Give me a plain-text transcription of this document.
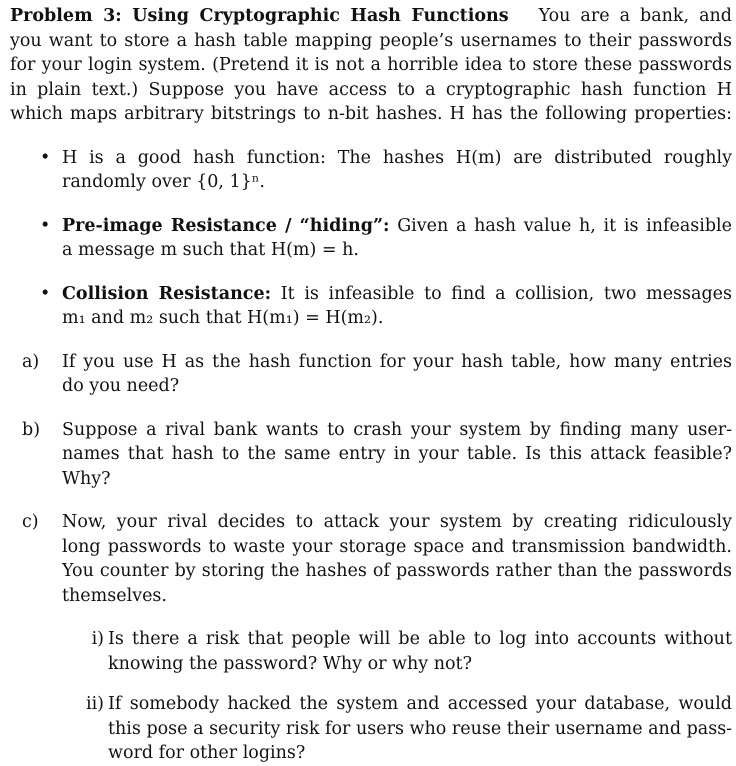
Problem 3: Using Cryptographic Hash Functions You are a bank, and
you want to store a hash table mapping people’s usernames to their passwords
for your login system. (Pretend it is not a horrible idea to store these passwords
in plain text.) Suppose you have access to a cryptographic hash function H
which maps arbitrary bitstrings to n-bit hashes. H has the following properties:
• H is a good hash function: The hashes H(m) are distributed roughly
randomly over {0, 1}ⁿ.
• Pre-image Resistance / “hiding”: Given a hash value h, it is infeasible
a message m such that H(m) = h.
• Collision Resistance: It is infeasible to find a collision, two messages
m₁ and m₂ such that H(m₁) = H(m₂).
a) If you use H as the hash function for your hash table, how many entries
do you need?
b) Suppose a rival bank wants to crash your system by finding many user-
names that hash to the same entry in your table. Is this attack feasible?
Why?
c) Now, your rival decides to attack your system by creating ridiculously
long passwords to waste your storage space and transmission bandwidth.
You counter by storing the hashes of passwords rather than the passwords
themselves.
i) Is there a risk that people will be able to log into accounts without
knowing the password? Why or why not?
ii) If somebody hacked the system and accessed your database, would
this pose a security risk for users who reuse their username and pass-
word for other logins?
